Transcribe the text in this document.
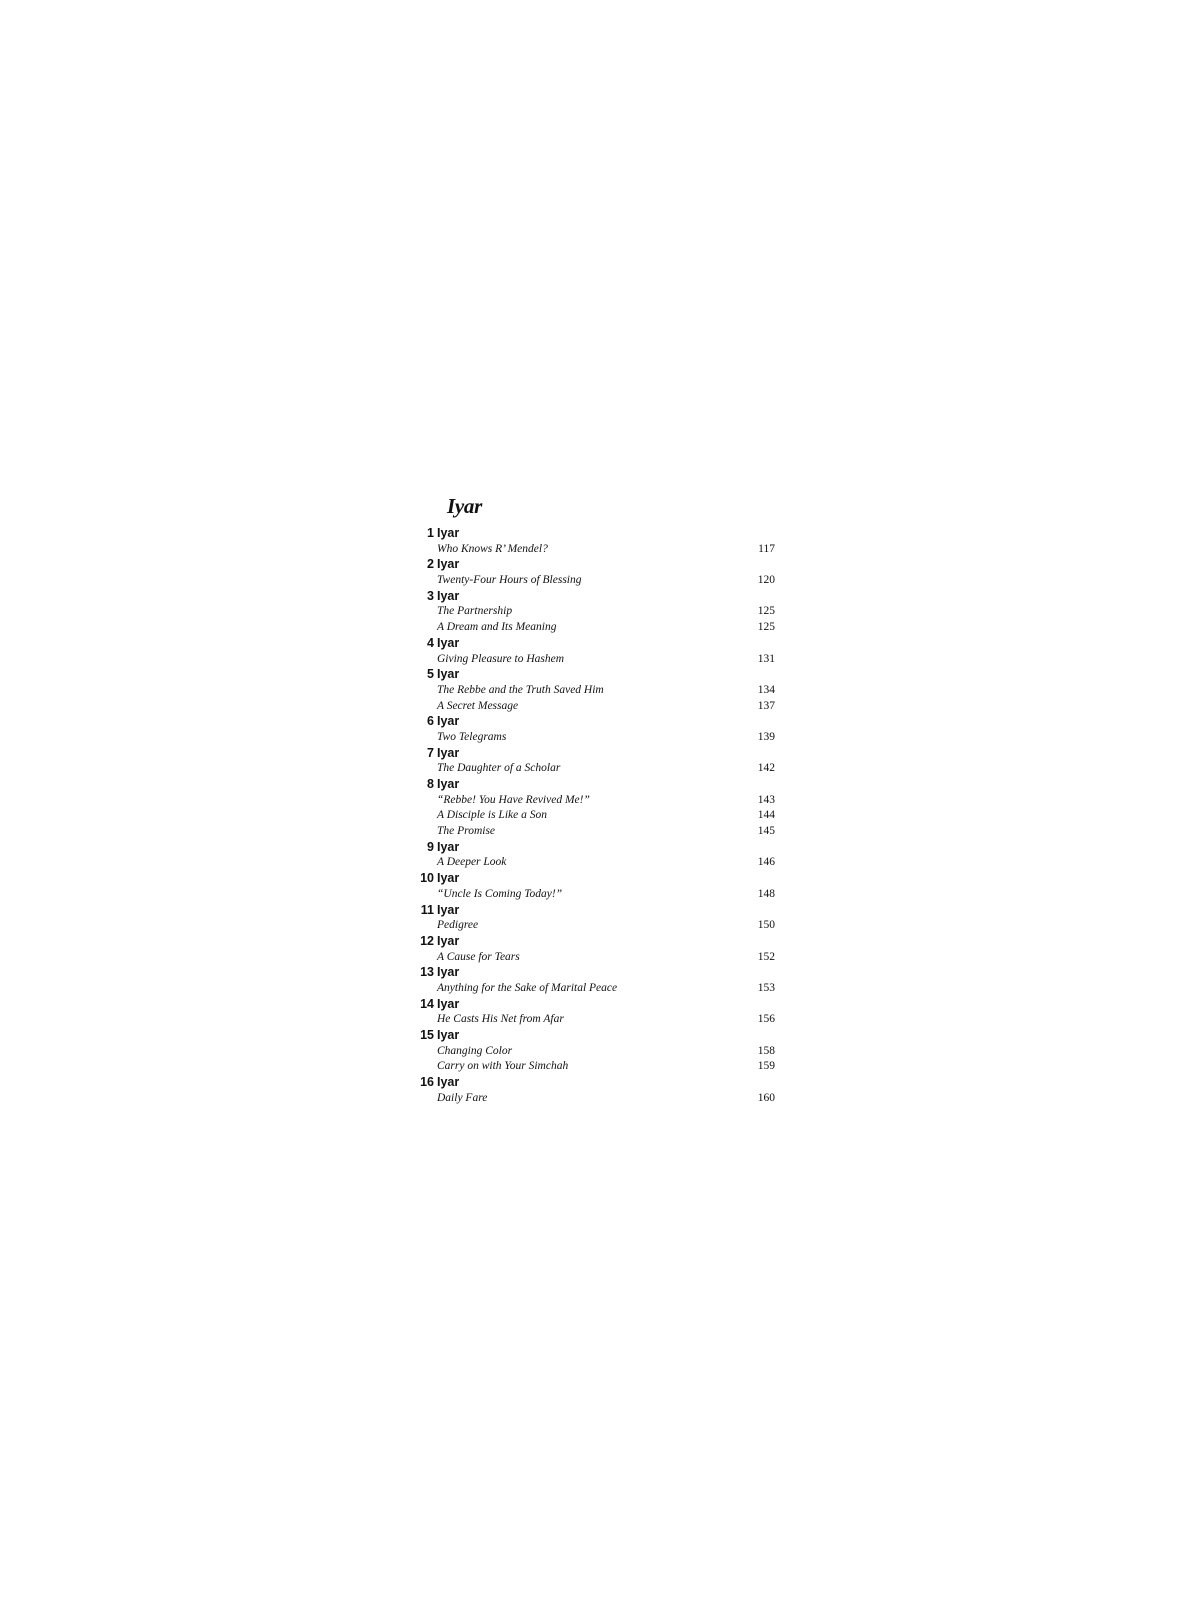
Iyar
1 Iyar
Who Knows R’ Mendel?	117
2 Iyar
Twenty-Four Hours of Blessing	120
3 Iyar
The Partnership	125
A Dream and Its Meaning	125
4 Iyar
Giving Pleasure to Hashem	131
5 Iyar
The Rebbe and the Truth Saved Him	134
A Secret Message	137
6 Iyar
Two Telegrams	139
7 Iyar
The Daughter of a Scholar	142
8 Iyar
“Rebbe! You Have Revived Me!”	143
A Disciple is Like a Son	144
The Promise	145
9 Iyar
A Deeper Look	146
10 Iyar
“Uncle Is Coming Today!”	148
11 Iyar
Pedigree	150
12 Iyar
A Cause for Tears	152
13 Iyar
Anything for the Sake of Marital Peace	153
14 Iyar
He Casts His Net from Afar	156
15 Iyar
Changing Color	158
Carry on with Your Simchah	159
16 Iyar
Daily Fare	160
